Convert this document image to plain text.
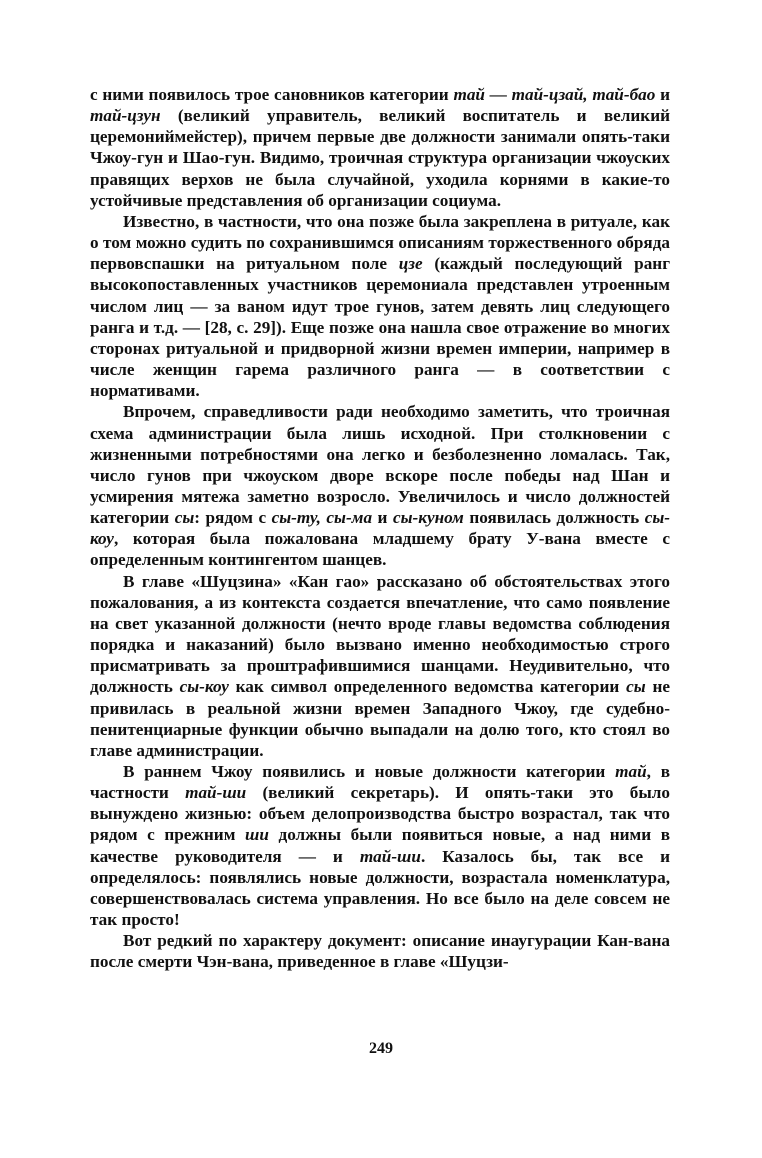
с ними появилось трое сановников категории тай — тай-цзай, тай-бао и тай-цзун (великий управитель, великий воспитатель и великий церемониймейстер), причем первые две должности занимали опять-таки Чжоу-гун и Шао-гун. Видимо, троичная структура организации чжоуских правящих верхов не была случайной, уходила корнями в какие-то устойчивые представления об организации социума.

Известно, в частности, что она позже была закреплена в ритуале, как о том можно судить по сохранившимся описаниям торжественного обряда первовспашки на ритуальном поле цзе (каждый последующий ранг высокопоставленных участников церемониала представлен утроенным числом лиц — за ваном идут трое гунов, затем девять лиц следующего ранга и т.д. — [28, с. 29]). Еще позже она нашла свое отражение во многих сторонах ритуальной и придворной жизни времен империи, например в числе женщин гарема различного ранга — в соответствии с нормативами.

Впрочем, справедливости ради необходимо заметить, что троичная схема администрации была лишь исходной. При столкновении с жизненными потребностями она легко и безболезненно ломалась. Так, число гунов при чжоуском дворе вскоре после победы над Шан и усмирения мятежа заметно возросло. Увеличилось и число должностей категории сы: рядом с сы-ту, сы-ма и сы-куном появилась должность сы-коу, которая была пожалована младшему брату У-вана вместе с определенным контингентом шанцев.

В главе «Шуцзина» «Кан гао» рассказано об обстоятельствах этого пожалования, а из контекста создается впечатление, что само появление на свет указанной должности (нечто вроде главы ведомства соблюдения порядка и наказаний) было вызвано именно необходимостью строго присматривать за проштрафившимися шанцами. Неудивительно, что должность сы-коу как символ определенного ведомства категории сы не привилась в реальной жизни времен Западного Чжоу, где судебно-пенитенциарные функции обычно выпадали на долю того, кто стоял во главе администрации.

В раннем Чжоу появились и новые должности категории тай, в частности тай-ши (великий секретарь). И опять-таки это было вынуждено жизнью: объем делопроизводства быстро возрастал, так что рядом с прежним ши должны были появиться новые, а над ними в качестве руководителя — и тай-ши. Казалось бы, так все и определялось: появлялись новые должности, возрастала номенклатура, совершенствовалась система управления. Но все было на деле совсем не так просто!

Вот редкий по характеру документ: описание инаугурации Кан-вана после смерти Чэн-вана, приведенное в главе «Шуцзи-

249
